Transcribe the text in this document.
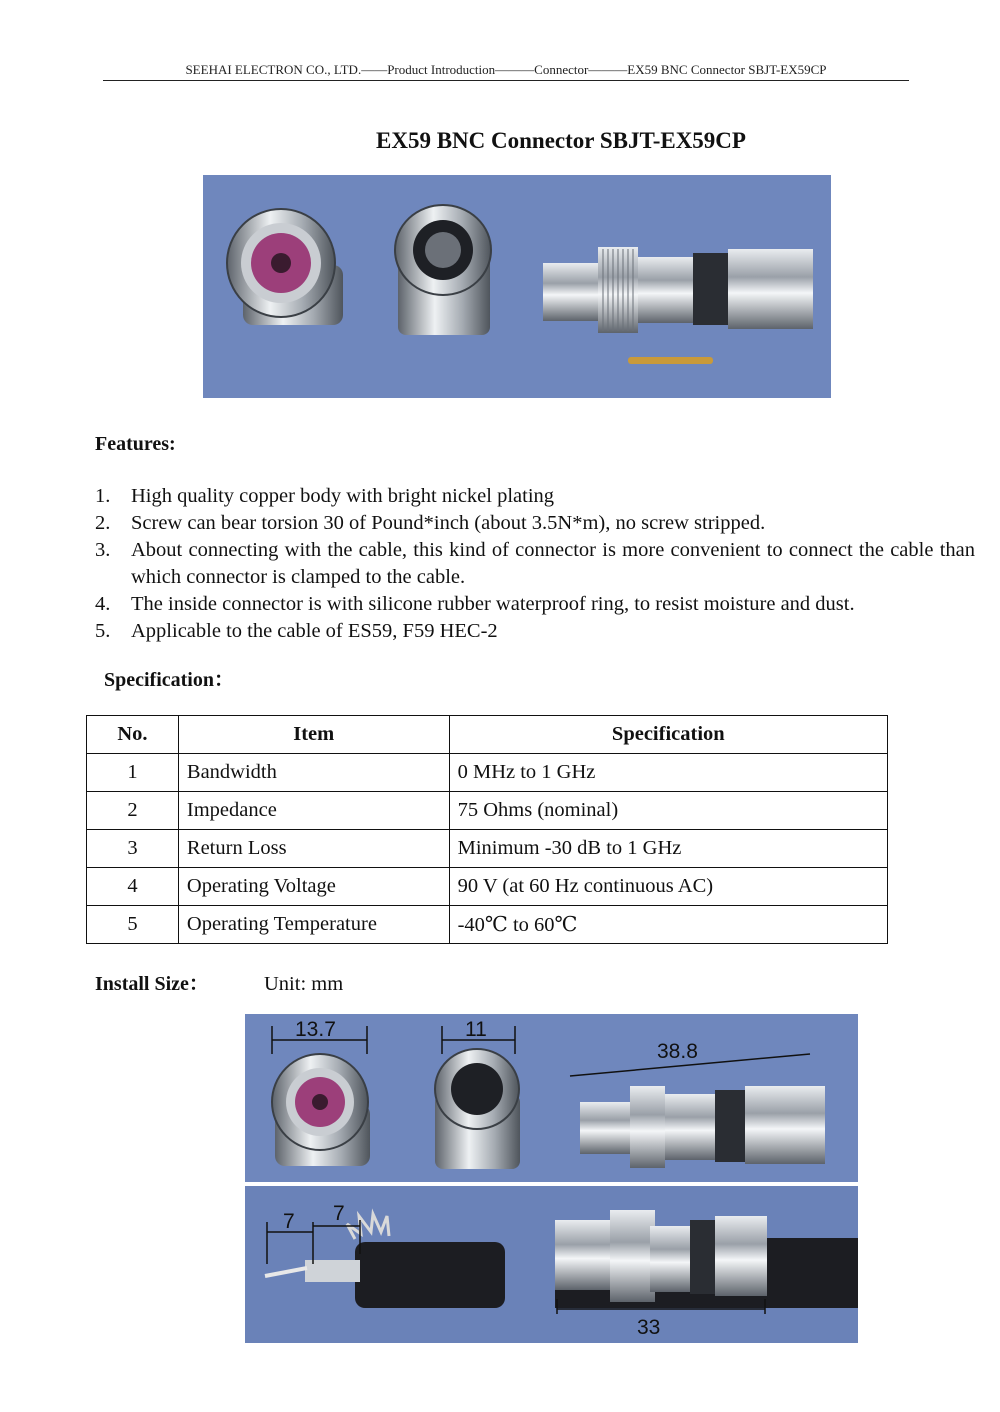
SEEHAI ELECTRON CO., LTD.——Product Introduction———Connector———EX59 BNC Connector SBJT-EX59CP
EX59 BNC Connector SBJT-EX59CP
Features:
1. High quality copper body with bright nickel plating
2. Screw can bear torsion 30 of Pound*inch (about 3.5N*m), no screw stripped.
3. About connecting with the cable, this kind of connector is more convenient to connect the cable than which connector is clamped to the cable.
4. The inside connector is with silicone rubber waterproof ring, to resist moisture and dust.
5. Applicable to the cable of ES59, F59 HEC-2
Specification：
No.	Item	Specification
1	Bandwidth	0 MHz to 1 GHz
2	Impedance	75 Ohms (nominal)
3	Return Loss	Minimum -30 dB to 1 GHz
4	Operating Voltage	90 V (at 60 Hz continuous AC)
5	Operating Temperature	-40℃ to 60℃
Install Size：	Unit: mm
13.7	11
38.8
7 7
33
